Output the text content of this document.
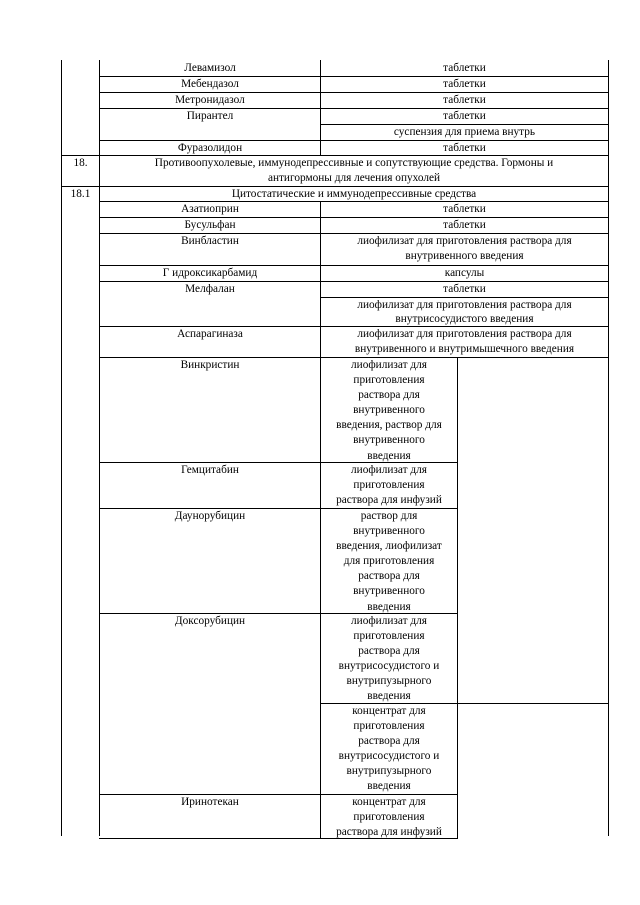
Левамизол	таблетки
Мебендазол	таблетки
Метронидазол	таблетки
Пирантел	таблетки
суспензия для приема внутрь
Фуразолидон	таблетки
18.	Противоопухолевые, иммунодепрессивные и сопутствующие средства. Гормоны и
антигормоны для лечения опухолей
18.1	Цитостатические и иммунодепрессивные средства
Азатиоприн	таблетки
Бусульфан	таблетки
Винбластин	лиофилизат для приготовления раствора для
внутривенного введения
Г идроксикарбамид	капсулы
Мелфалан	таблетки
лиофилизат для приготовления раствора для
внутрисосудистого введения
Аспарагиназа	лиофилизат для приготовления раствора для
внутривенного и внутримышечного введения
Винкристин	лиофилизат для
приготовления
раствора для
внутривенного
введения, раствор для
внутривенного
введения
Гемцитабин	лиофилизат для
приготовления
раствора для инфузий
Даунорубицин	раствор для
внутривенного
введения, лиофилизат
для приготовления
раствора для
внутривенного
введения
Доксорубицин	лиофилизат для
приготовления
раствора для
внутрисосудистого и
внутрипузырного
введения
концентрат для
приготовления
раствора для
внутрисосудистого и
внутрипузырного
введения
Иринотекан	концентрат для
приготовления
раствора для инфузий
